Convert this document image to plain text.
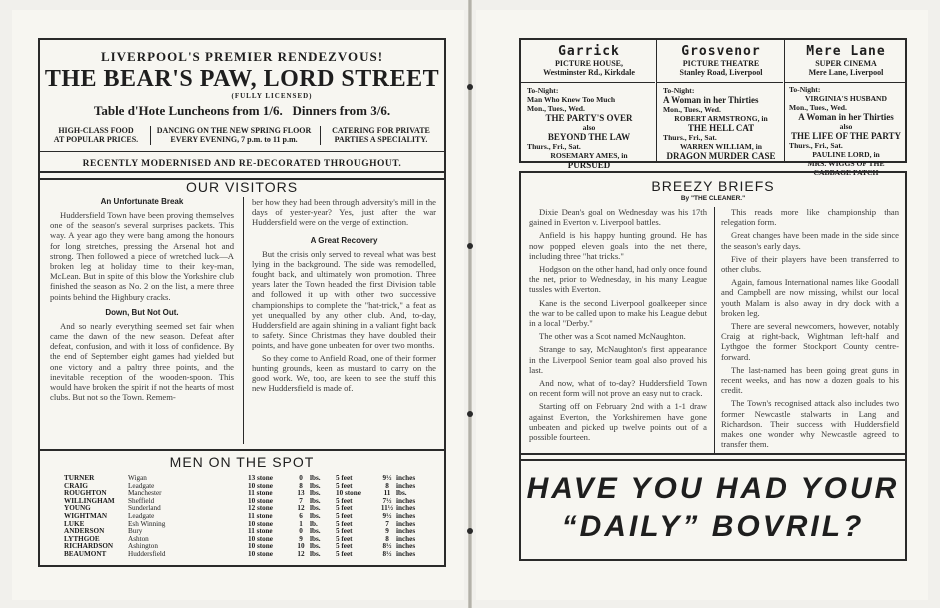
LIVERPOOL'S PREMIER RENDEZVOUS!
THE BEAR'S PAW, LORD STREET
(FULLY LICENSED)
Table d'Hote Luncheons from 1/6.   Dinners from 3/6.
HIGH-CLASS FOOD
AT POPULAR PRICES.
DANCING ON THE NEW SPRING FLOOR
EVERY EVENING, 7 p.m. to 11 p.m.
CATERING FOR PRIVATE
PARTIES A SPECIALITY.
RECENTLY MODERNISED AND RE-DECORATED THROUGHOUT.
OUR VISITORS
An Unfortunate Break

Huddersfield Town have been proving themselves one of the season's several surprises packets. This way. A year ago they were bang among the honours for long stretches, pressing the Arsenal hot and strong. Then followed a piece of wretched luck—A broken leg at holiday time to their key-man, McLean. But in spite of this blow the Yorkshire club finished the season as No. 2 on the list, a mere three points behind the Highbury cracks.

Down, But Not Out.

And so nearly everything seemed set fair when came the dawn of the new season. Defeat after defeat, confusion, and with it loss of confidence. By the end of September eight games had yielded but one victory and a paltry three points, and the inevitable reception of the wooden-spoon. This would have broken the spirit if not the hearts of most clubs. But not so the Town. Remem-

ber how they had been through adversity's mill in the days of yester-year? Yes, just after the war Huddersfield were on the verge of extinction.

A Great Recovery

But the crisis only served to reveal what was best lying in the background. The side was remodelled, fought back, and ultimately won promotion. Three years later the Town headed the first Division table and followed it up with other two successive championships to complete the "hat-trick," a feat as yet unequalled by any other club. And, to-day, Huddersfield are again shining in a valiant fight back to safety. Since Christmas they have doubled their points, and have gone unbeaten for over two months.

So they come to Anfield Road, one of their former hunting grounds, keen as mustard to carry on the good work. We, too, are keen to see the stuff this new Huddersfield is made of.

MEN ON THE SPOT
TURNER	Wigan	13 stone	0	lbs.	5 feet	9½	inches
CRAIG	Leadgate	10 stone	8	lbs.	5 feet	8	inches
ROUGHTON	Manchester	11 stone	13	lbs.	10 stone	11	lbs.
WILLINGHAM	Sheffield	10 stone	7	lbs.	5 feet	7½	inches
YOUNG	Sunderland	12 stone	12	lbs.	5 feet	11½	inches
WIGHTMAN	Leadgate	11 stone	6	lbs.	5 feet	9½	inches
LUKE	Esh Winning	10 stone	1	lb.	5 feet	7	inches
ANDERSON	Bury	11 stone	0	lbs.	5 feet	9	inches
LYTHGOE	Ashton	10 stone	9	lbs.	5 feet	8	inches
RICHARDSON	Ashington	10 stone	10	lbs.	5 feet	8½	inches
BEAUMONT	Huddersfield	10 stone	12	lbs.	5 feet	8½	inches
Garrick
PICTURE HOUSE,
Westminster Rd., Kirkdale
To-Night:
Man Who Knew Too Much
Mon., Tues., Wed.
THE PARTY'S OVER
also
BEYOND THE LAW
Thurs., Fri., Sat.
ROSEMARY AMES, in
PURSUED
Grosvenor
PICTURE THEATRE
Stanley Road, Liverpool
To-Night:
A Woman in her Thirties
Mon., Tues., Wed.
ROBERT ARMSTRONG, in
THE HELL CAT
Thurs., Fri., Sat.
WARREN WILLIAM, in
DRAGON MURDER CASE
Mere Lane
SUPER CINEMA
Mere Lane, Liverpool
To-Night:
VIRGINIA'S HUSBAND
Mon., Tues., Wed.
A Woman in her Thirties
also
THE LIFE OF THE PARTY
Thurs., Fri., Sat.
PAULINE LORD, in
MRS. WIGGS OF THE
CABBAGE PATCH
BREEZY BRIEFS
By "THE CLEANER."

Dixie Dean's goal on Wednesday was his 17th gained in Everton v. Liverpool battles.

Anfield is his happy hunting ground. He has now popped eleven goals into the net there, including three "hat tricks."

Hodgson on the other hand, had only once found the net, prior to Wednesday, in his many League tussles with Everton.

Kane is the second Liverpool goalkeeper since the war to be called upon to make his League debut in a local "Derby."

The other was a Scot named McNaughton.

Strange to say, McNaughton's first appearance in the Liverpool Senior team goal also proved his last.

And now, what of to-day? Huddersfield Town on recent form will not prove an easy nut to crack.

Starting off on February 2nd with a 1-1 draw against Everton, the Yorkshiremen have gone unbeaten and picked up twelve points out of a possible fourteen.

This reads more like championship than relegation form.

Great changes have been made in the side since the season's early days.

Five of their players have been transferred to other clubs.

Again, famous International names like Goodall and Campbell are now missing, whilst our local youth Malam is also away in dry dock with a broken leg.

There are several newcomers, however, notably Craig at right-back, Wightman left-half and Lythgoe the former Stockport County centre-forward.

The last-named has been going great guns in recent weeks, and has now a dozen goals to his credit.

The Town's recognised attack also includes two former Newcastle stalwarts in Lang and Richardson. Their success with Huddersfield makes one wonder why Newcastle agreed to transfer them.

HAVE YOU HAD YOUR
“DAILY” BOVRIL?
